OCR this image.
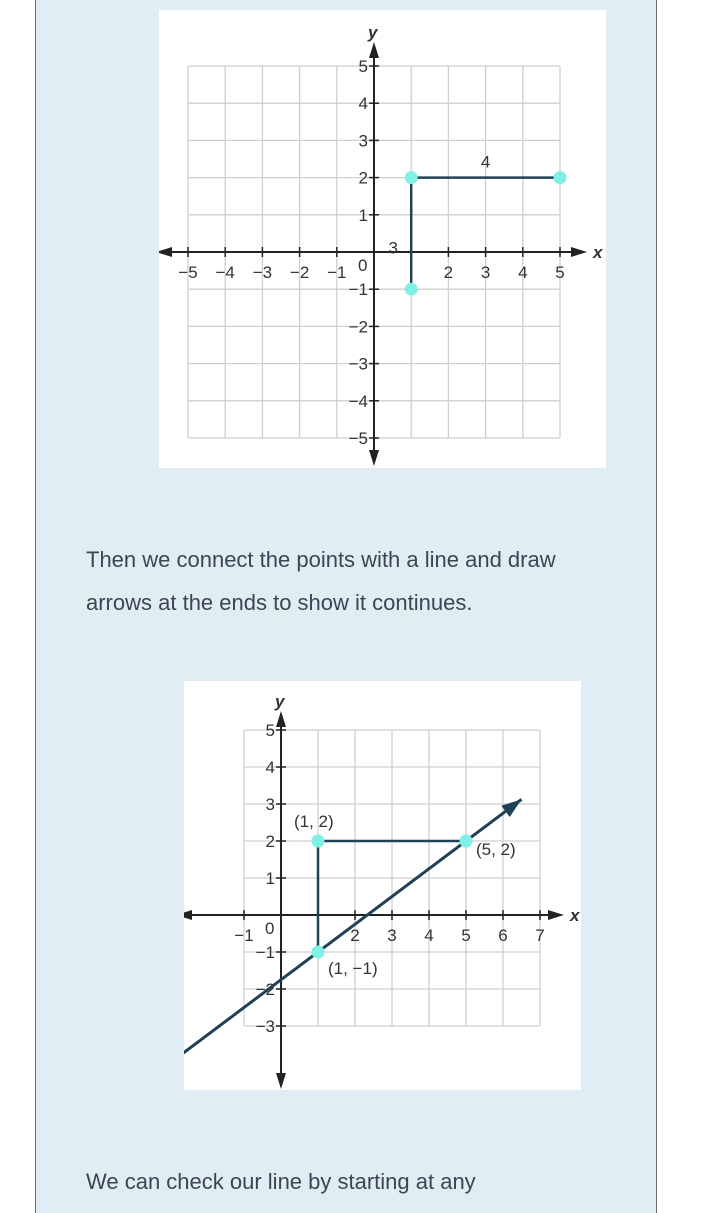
x
y
0
−5 −4 −3 −2 −1	2 3 4 5
5
4
3
2
1
−1
−2
−3
−4
−5
3
4

Then we connect the points with a line and draw arrows at the ends to show it continues.

x
y
0
−1	2 3 4 5 6 7
5
4
3
2
1
−1
−2
−3
(1, −1)
(1, 2)
(5, 2)

We can check our line by starting at any
